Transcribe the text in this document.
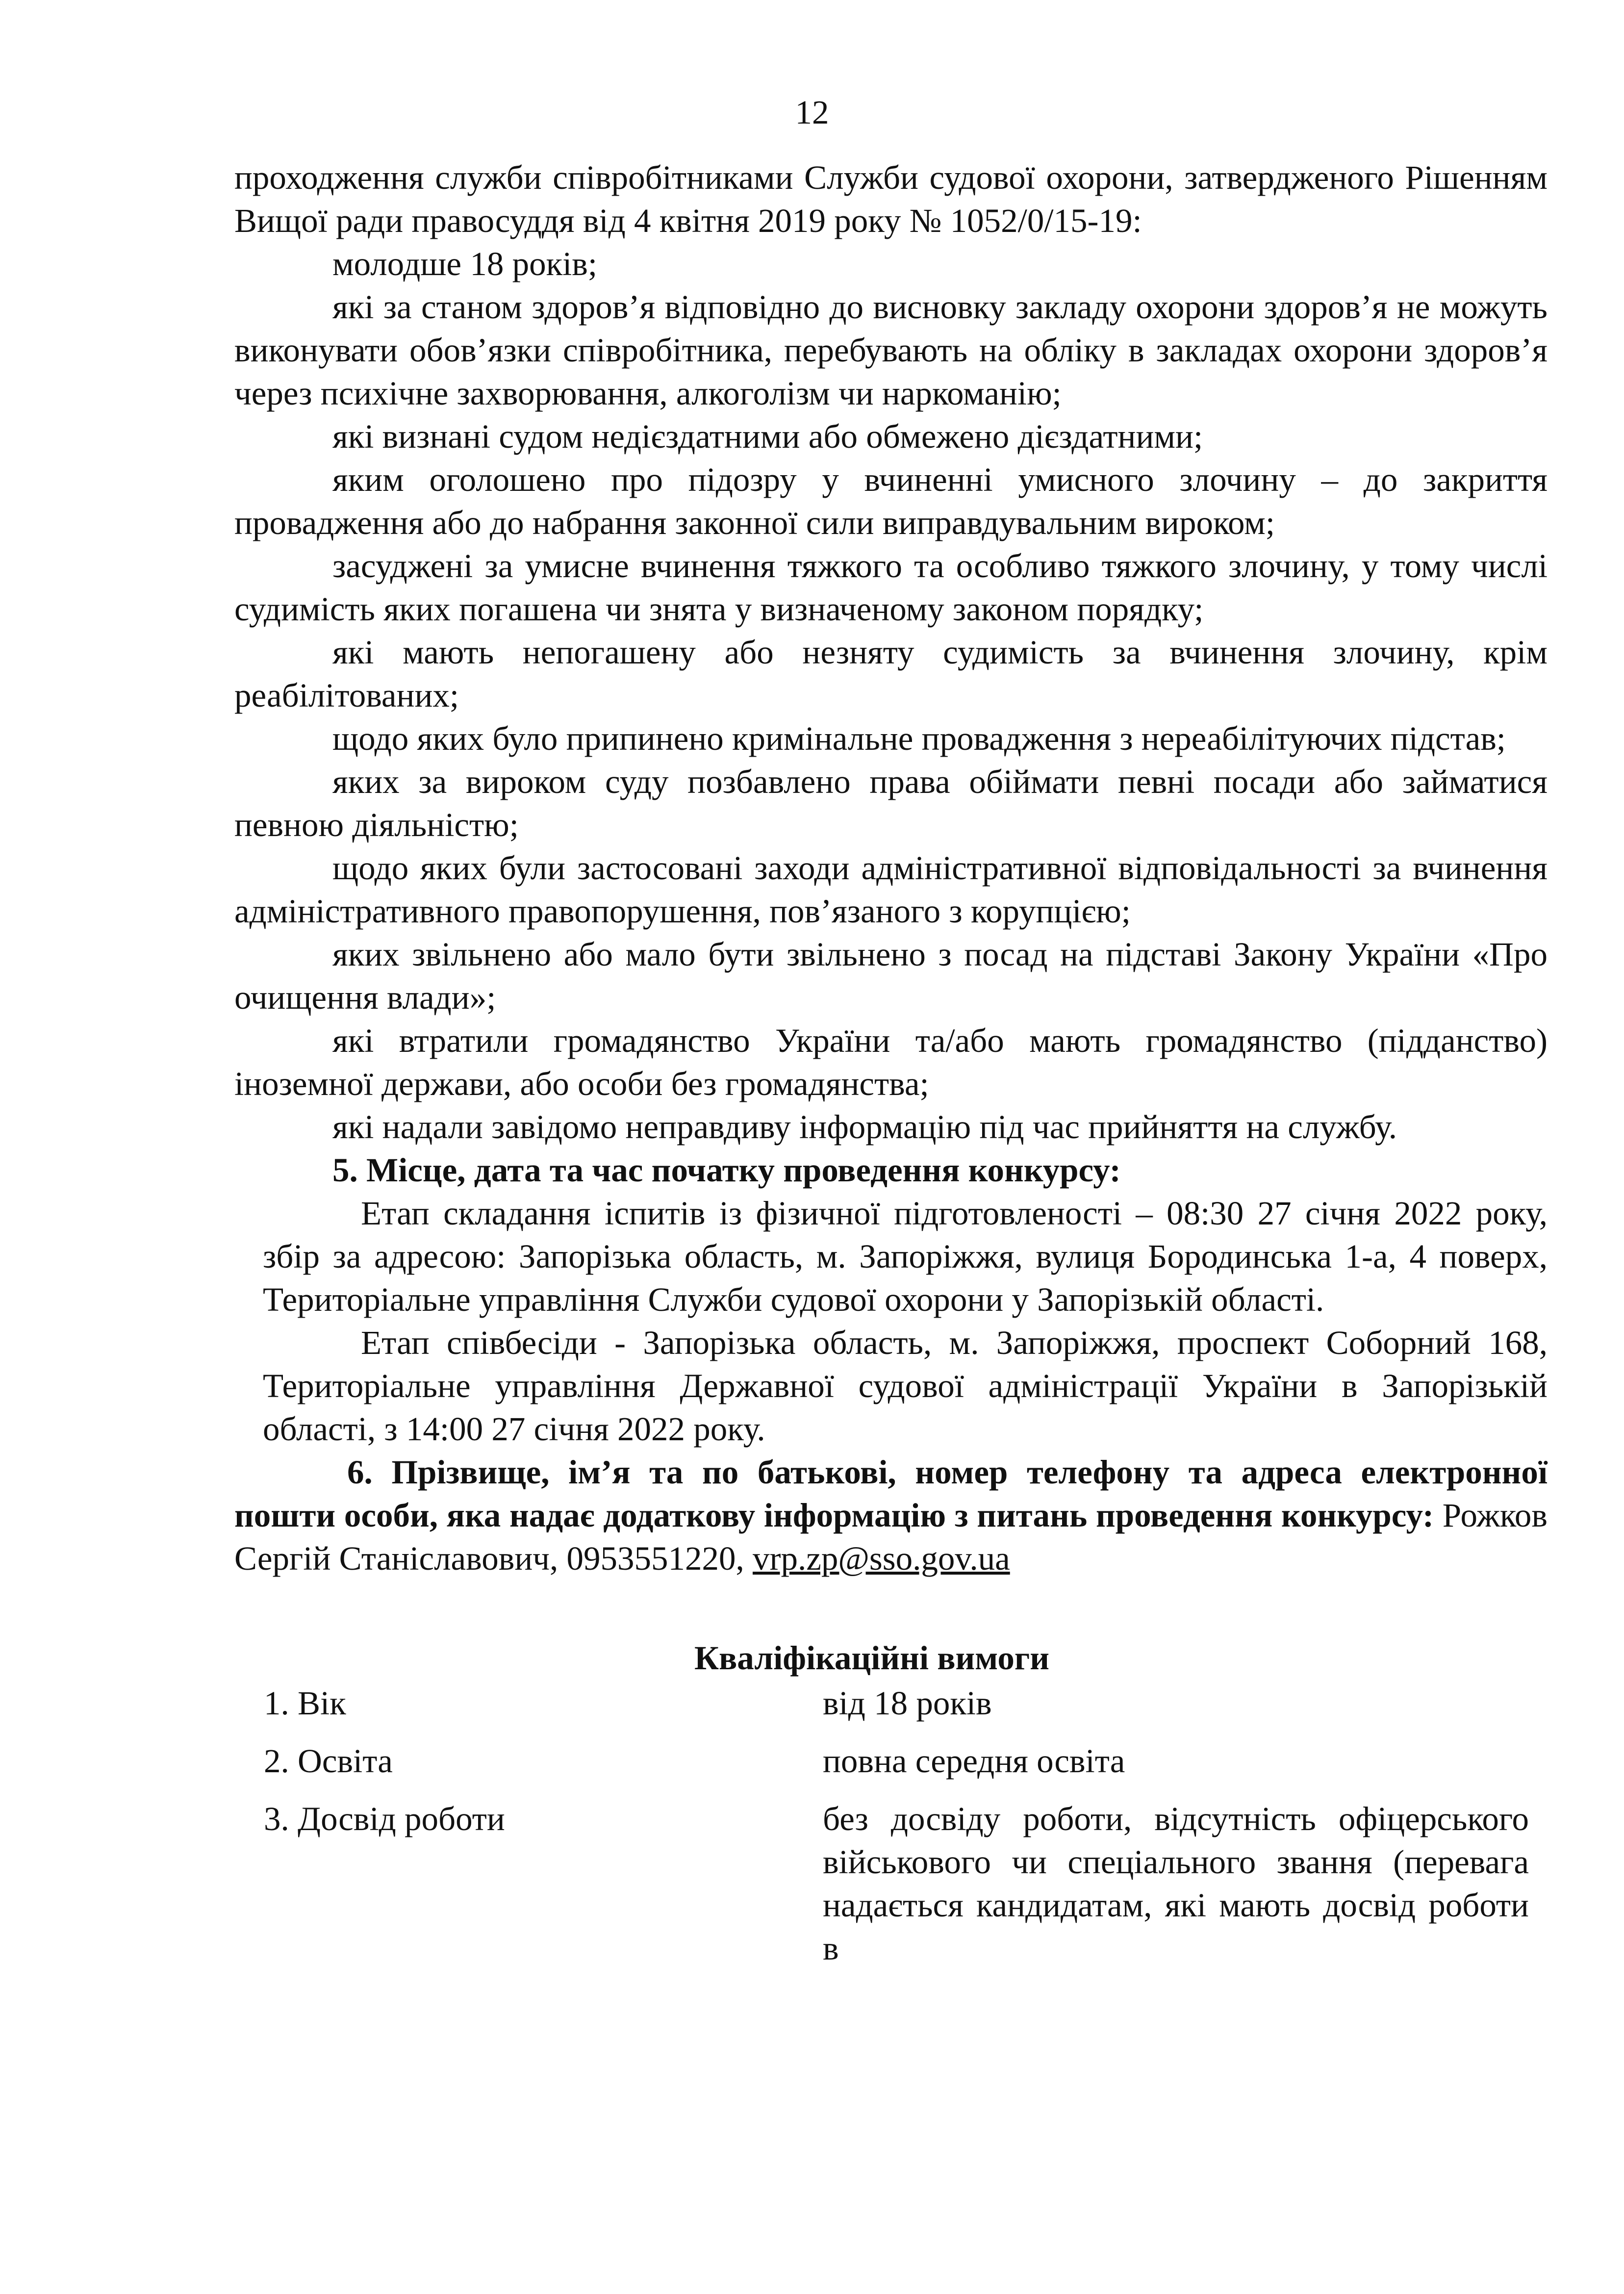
12

проходження служби співробітниками Служби судової охорони, затвердженого Рішенням Вищої ради правосуддя від 4 квітня 2019 року № 1052/0/15-19:

молодше 18 років;

які за станом здоров’я відповідно до висновку закладу охорони здоров’я не можуть виконувати обов’язки співробітника, перебувають на обліку в закладах охорони здоров’я через психічне захворювання, алкоголізм чи наркоманію;

які визнані судом недієздатними або обмежено дієздатними;

яким оголошено про підозру у вчиненні умисного злочину – до закриття провадження або до набрання законної сили виправдувальним вироком;

засуджені за умисне вчинення тяжкого та особливо тяжкого злочину, у тому числі судимість яких погашена чи знята у визначеному законом порядку;

які мають непогашену або незняту судимість за вчинення злочину, крім реабілітованих;

щодо яких було припинено кримінальне провадження з нереабілітуючих підстав;

яких за вироком суду позбавлено права обіймати певні посади або займатися певною діяльністю;

щодо яких були застосовані заходи адміністративної відповідальності за вчинення адміністративного правопорушення, пов’язаного з корупцією;

яких звільнено або мало бути звільнено з посад на підставі Закону України «Про очищення влади»;

які втратили громадянство України та/або мають громадянство (підданство) іноземної держави, або особи без громадянства;

які надали завідомо неправдиву інформацію під час прийняття на службу.

5. Місце, дата та час початку проведення конкурсу:

Етап складання іспитів із фізичної підготовленості – 08:30 27 січня 2022 року, збір за адресою: Запорізька область, м. Запоріжжя, вулиця Бородинська 1-а, 4 поверх, Територіальне управління Служби судової охорони у Запорізькій області.

Етап співбесіди - Запорізька область, м. Запоріжжя, проспект Соборний 168, Територіальне управління Державної судової адміністрації України в Запорізькій області, з 14:00 27 січня 2022 року.

6. Прізвище, ім’я та по батькові, номер телефону та адреса електронної пошти особи, яка надає додаткову інформацію з питань проведення конкурсу: Рожков Сергій Станіславович, 0953551220, vrp.zp@sso.gov.ua

Кваліфікаційні вимоги
1. Вік	від 18 років
2. Освіта	повна середня освіта
3. Досвід роботи	без досвіду роботи, відсутність офіцерського військового чи спеціального звання (перевага надається кандидатам, які мають досвід роботи в
